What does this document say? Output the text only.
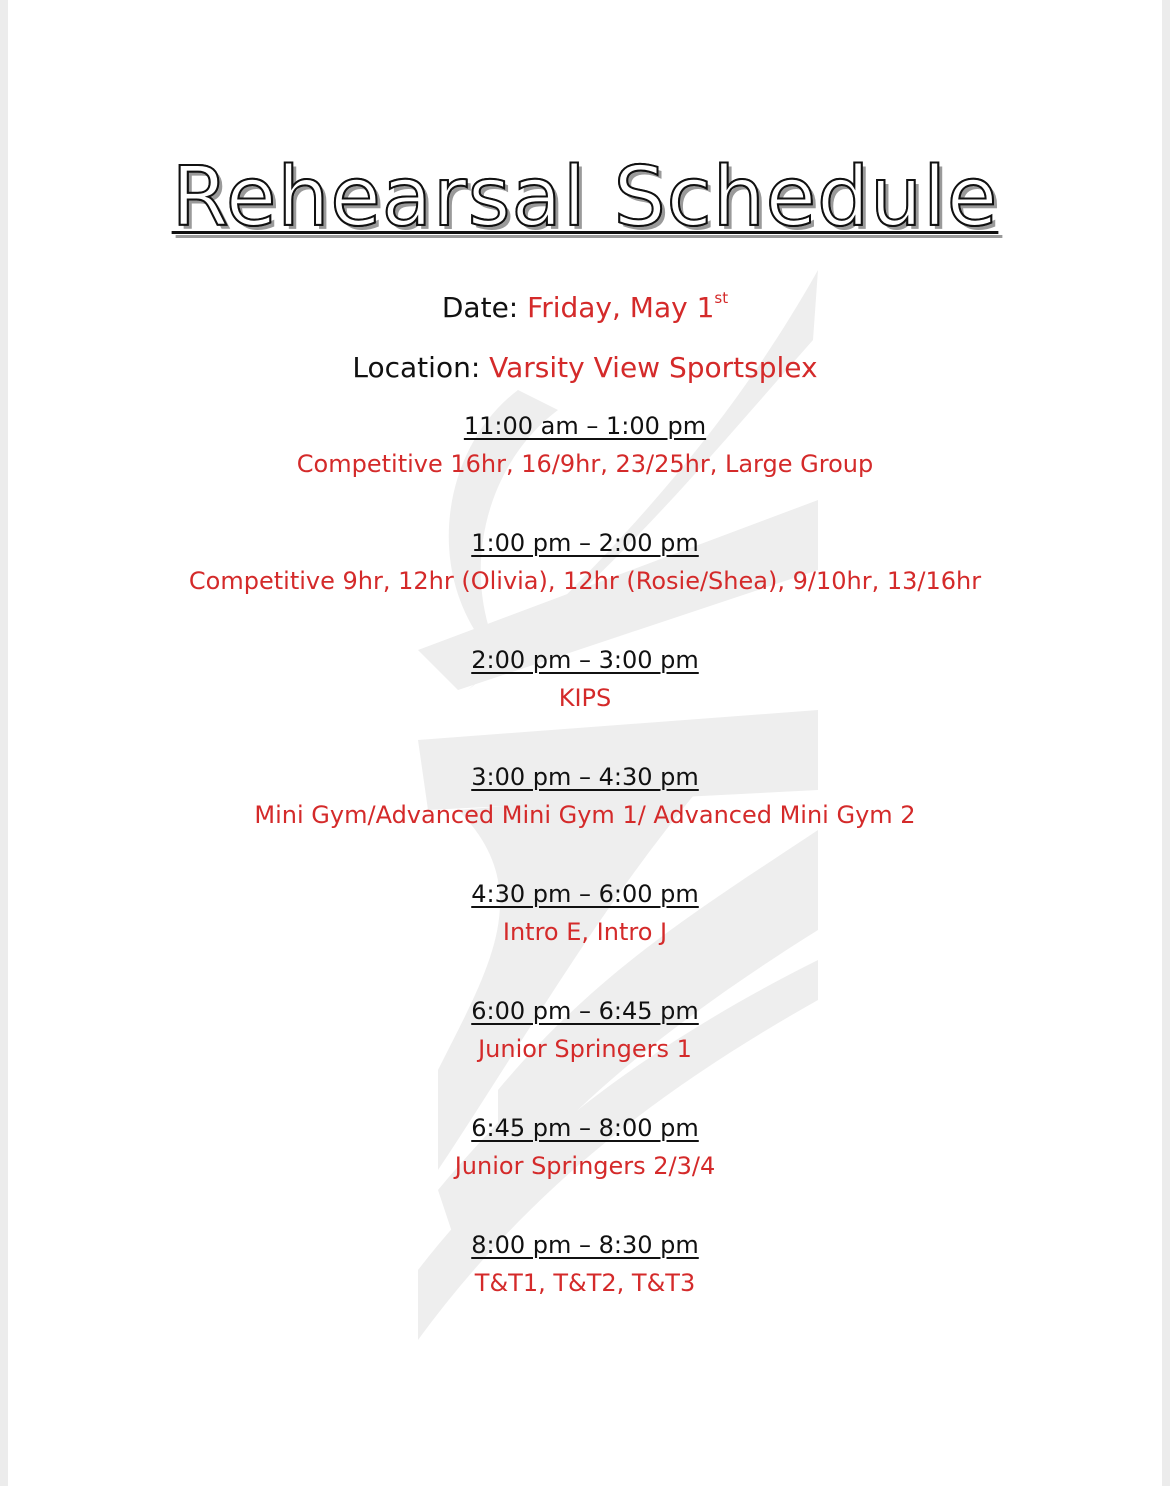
Rehearsal Schedule
Date: Friday, May 1st
Location: Varsity View Sportsplex
11:00 am – 1:00 pm
Competitive 16hr, 16/9hr, 23/25hr, Large Group
1:00 pm – 2:00 pm
Competitive 9hr, 12hr (Olivia), 12hr (Rosie/Shea), 9/10hr, 13/16hr
2:00 pm – 3:00 pm
KIPS
3:00 pm – 4:30 pm
Mini Gym/Advanced Mini Gym 1/ Advanced Mini Gym 2
4:30 pm – 6:00 pm
Intro E, Intro J
6:00 pm – 6:45 pm
Junior Springers 1
6:45 pm – 8:00 pm
Junior Springers 2/3/4
8:00 pm – 8:30 pm
T&T1, T&T2, T&T3
